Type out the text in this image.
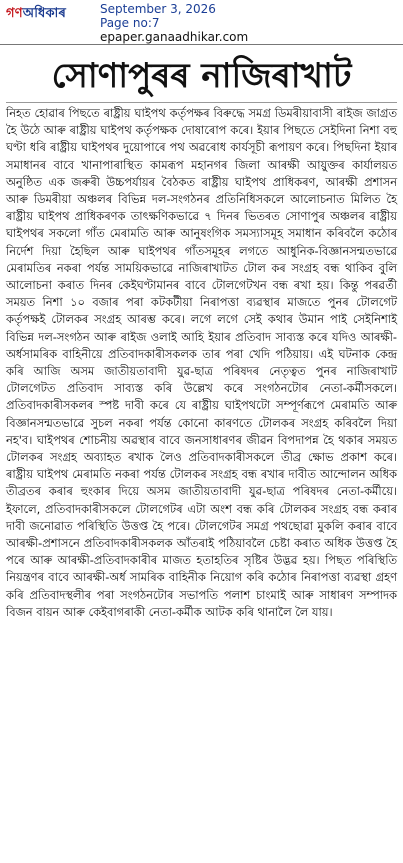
গণঅধিকাৰ	September 3, 2026
Page no:7
epaper.ganaadhikar.com
সোণাপুৰৰ নাজিৰাখাট
নিহত হোৱাৰ পিছতে ৰাষ্ট্ৰীয় ঘাইপথ কৰ্তৃপক্ষৰ বিৰুদ্ধে সমগ্ৰ ডিমৰীয়াবাসী ৰাইজ জাগ্ৰত হৈ উঠে আৰু ৰাষ্ট্ৰীয় ঘাইপথ কৰ্তৃপক্ষক দোষাৰোপ কৰে। ইয়াৰ পিছতে সেইদিনা নিশা বহু ঘণ্টা ধৰি ৰাষ্ট্ৰীয় ঘাইপথৰ দুয়োপাৰে পথ অৱৰোধ কাৰ্যসূচী ৰূপায়ণ কৰে। পিছদিনা ইয়াৰ সমাধানৰ বাবে খানাপাৰাস্থিত কামৰূপ মহানগৰ জিলা আৰক্ষী আয়ুক্তৰ কাৰ্যালয়ত অনুষ্ঠিত এক জৰুৰী উচ্চপৰ্যায়ৰ বৈঠকত ৰাষ্ট্ৰীয় ঘাইপথ প্ৰাধিকৰণ, আৰক্ষী প্ৰশাসন আৰু ডিমৰীয়া অঞ্চলৰ বিভিন্ন দল-সংগঠনৰ প্ৰতিনিধিসকলে আলোচনাত মিলিত হৈ ৰাষ্ট্ৰীয় ঘাইপথ প্ৰাধিকৰণক তাৎক্ষণিকভাৱে ৭ দিনৰ ভিতৰত সোণাপুৰ অঞ্চলৰ ৰাষ্ট্ৰীয় ঘাইপথৰ সকলো গাঁত মেৰামতি আৰু আনুষংগিক সমস্যাসমূহ সমাধান কৰিবলৈ কঠোৰ নিৰ্দেশ দিয়া হৈছিল আৰু ঘাইপথৰ গাঁতসমূহৰ লগতে আধুনিক-বিজ্ঞানসন্মতভাৱে মেৰামতিৰ নকৰা পৰ্যন্ত সাময়িকভাৱে নাজিৰাখাটত টোল কৰ সংগ্ৰহ বন্ধ থাকিব বুলি আলোচনা কৰাত দিনৰ কেইঘণ্টামানৰ বাবে টোলগেটখন বন্ধ ৰখা হয়। কিন্তু পৰৱৰ্তী সময়ত নিশা ১০ বজাৰ পৰা কটকটীয়া নিৰাপত্তা ব্যৱস্থাৰ মাজতে পুনৰ টোলগেট কৰ্তৃপক্ষই টোলকৰ সংগ্ৰহ আৰম্ভ কৰে। লগে লগে সেই কথাৰ উমান পাই সেইনিশাই বিভিন্ন দল-সংগঠন আৰু ৰাইজ ওলাই আহি ইয়াৰ প্ৰতিবাদ সাব্যস্ত কৰে যদিও আৰক্ষী-অৰ্ধসামৰিক বাহিনীয়ে প্ৰতিবাদকাৰীসকলক তাৰ পৰা খেদি পঠিয়ায়। এই ঘটনাক কেন্দ্ৰ কৰি আজি অসম জাতীয়তাবাদী যুৱ-ছাত্ৰ পৰিষদৰ নেতৃত্বত পুনৰ নাজিৰাখাট টোলগেটত প্ৰতিবাদ সাব্যস্ত কৰি উল্লেখ কৰে সংগঠনটোৰ নেতা-কৰ্মীসকলে। প্ৰতিবাদকাৰীসকলৰ স্পষ্ট দাবী কৰে যে ৰাষ্ট্ৰীয় ঘাইপথটো সম্পূৰ্ণৰূপে মেৰামতি আৰু বিজ্ঞানসন্মতভাৱে সুচল নকৰা পৰ্যন্ত কোনো কাৰণতে টোলকৰ সংগ্ৰহ কৰিবলৈ দিয়া নহ'ব। ঘাইপথৰ শোচনীয় অৱস্থাৰ বাবে জনসাধাৰণৰ জীৱন বিপদাপন্ন হৈ থকাৰ সময়ত টোলকৰ সংগ্ৰহ অব্যাহত ৰখাক লৈও প্ৰতিবাদকাৰীসকলে তীব্ৰ ক্ষোভ প্ৰকাশ কৰে। ৰাষ্ট্ৰীয় ঘাইপথ মেৰামতি নকৰা পৰ্যন্ত টোলকৰ সংগ্ৰহ বন্ধ ৰখাৰ দাবীত আন্দোলন অধিক তীব্ৰতৰ কৰাৰ হুংকাৰ দিয়ে অসম জাতীয়তাবাদী যুৱ-ছাত্ৰ পৰিষদৰ নেতা-কৰ্মীয়ে। ইফালে, প্ৰতিবাদকাৰীসকলে টোলগেটৰ এটা অংশ বন্ধ কৰি টোলকৰ সংগ্ৰহ বন্ধ কৰাৰ দাবী জনোৱাত পৰিস্থিতি উত্তপ্ত হৈ পৰে। টোলগেটৰ সমগ্ৰ পথছোৱা মুকলি কৰাৰ বাবে আৰক্ষী-প্ৰশাসনে প্ৰতিবাদকাৰীসকলক আঁতৰাই পঠিয়াবলৈ চেষ্টা কৰাত অধিক উত্তপ্ত হৈ পৰে আৰু আৰক্ষী-প্ৰতিবাদকাৰীৰ মাজত হতাহতিৰ সৃষ্টিৰ উদ্ভৱ হয়। পিছত পৰিস্থিতি নিয়ন্ত্ৰণৰ বাবে আৰক্ষী-অৰ্ধ সামৰিক বাহিনীক নিয়োগ কৰি কঠোৰ নিৰাপত্তা ব্যৱস্থা গ্ৰহণ কৰি প্ৰতিবাদস্থলীৰ পৰা সংগঠনটোৰ সভাপতি পলাশ চাংমাই আৰু সাধাৰণ সম্পাদক বিজন বায়ন আৰু কেইবাগৰাকী নেতা-কৰ্মীক আটক কৰি থানালৈ লৈ যায়।
